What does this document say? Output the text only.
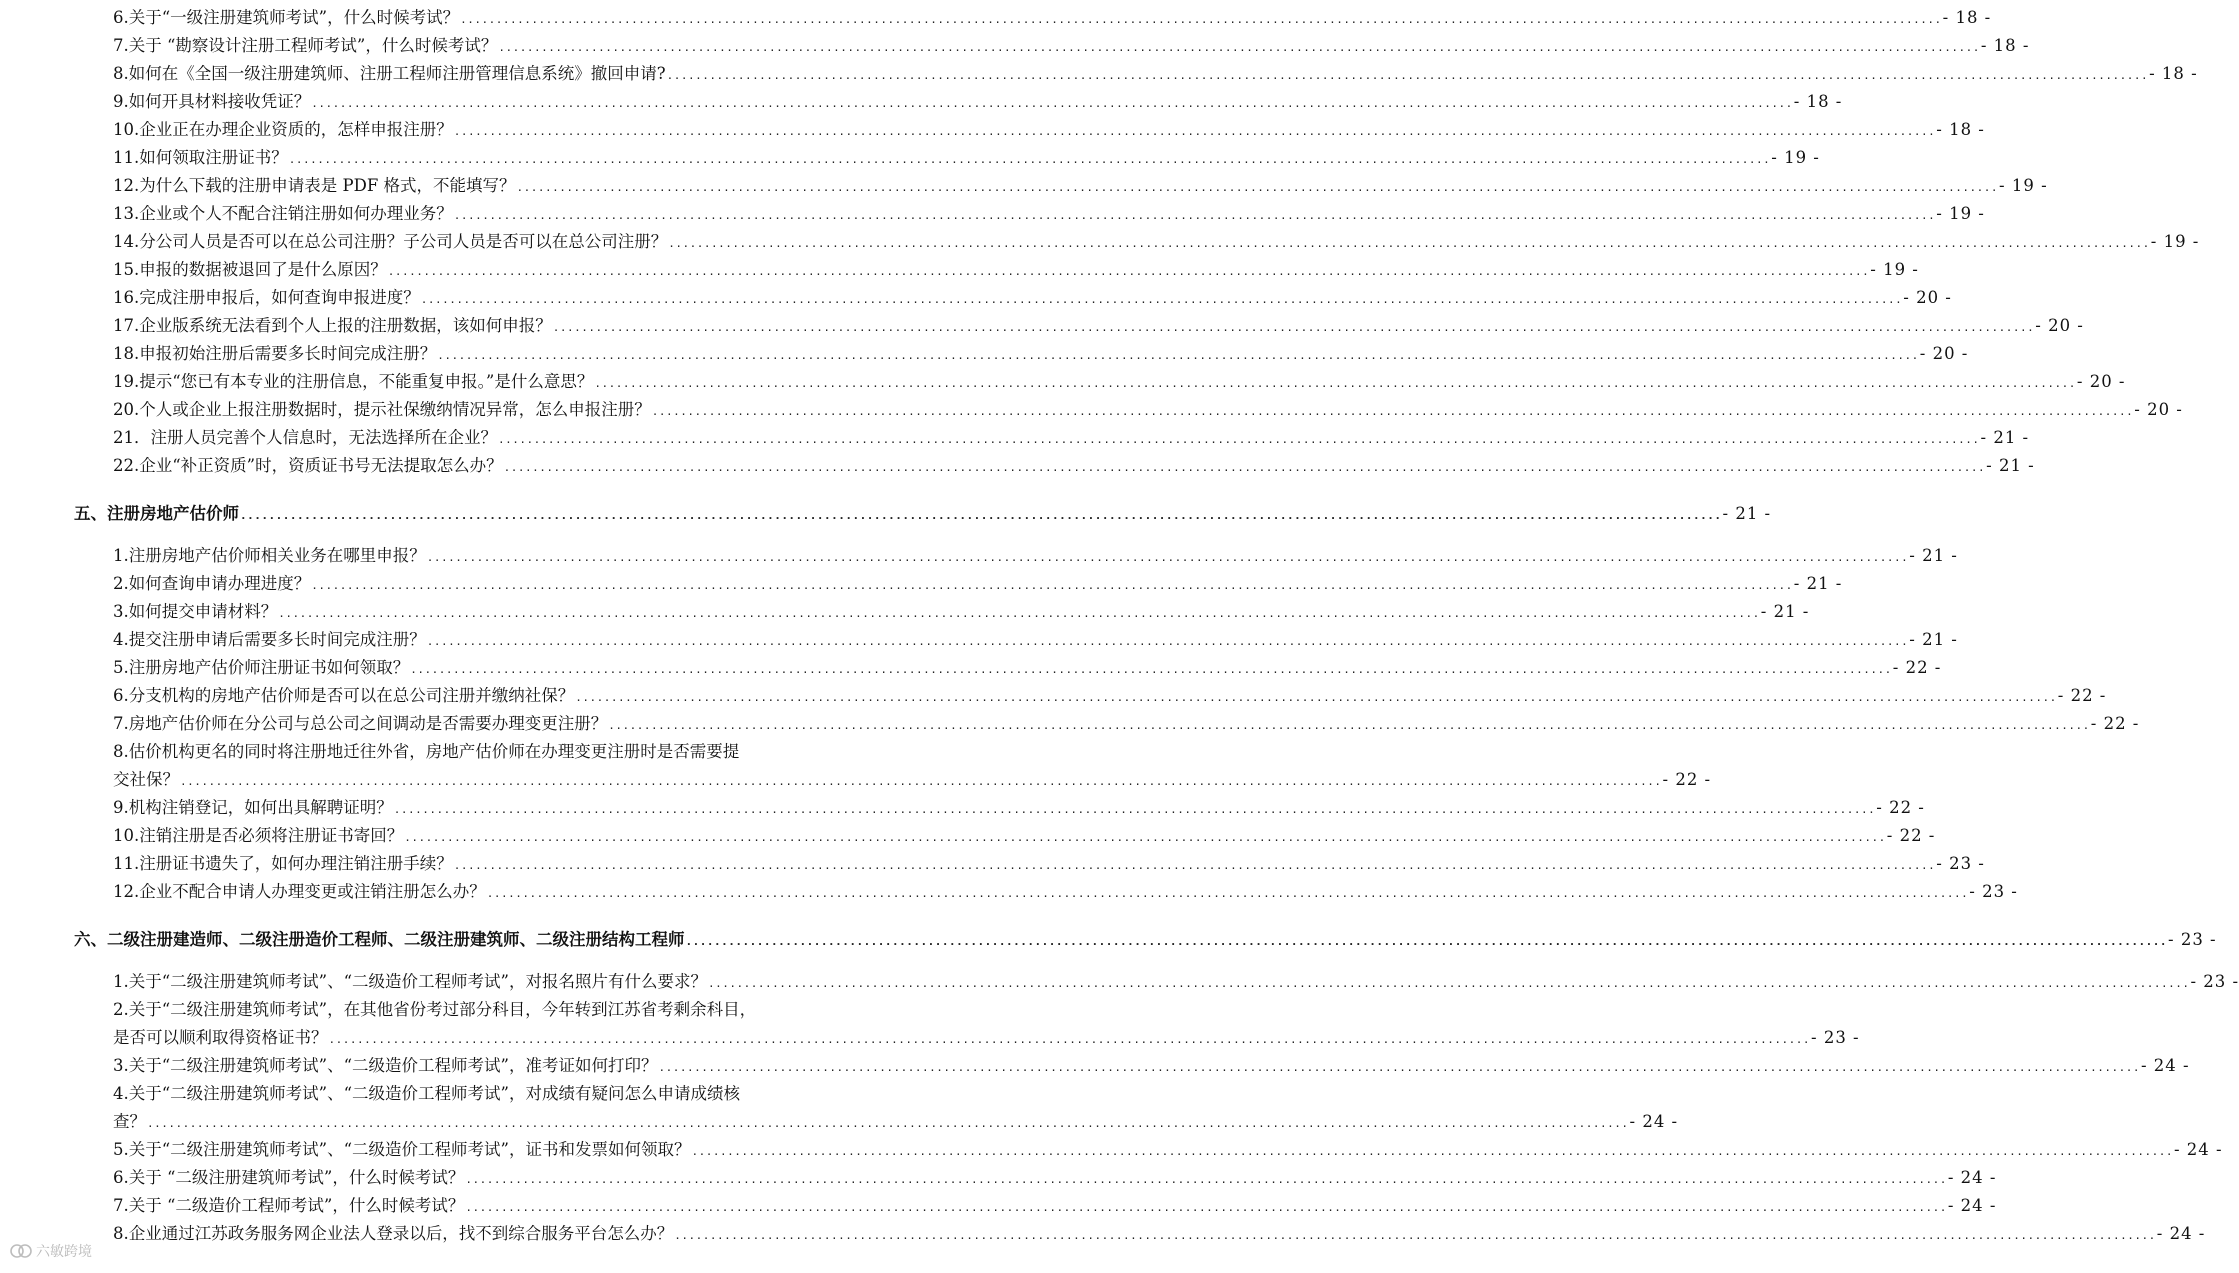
6.关于“一级注册建筑师考试”，什么时候考试？ .....	- 18 -
7.关于 “勘察设计注册工程师考试”，什么时候考试？ .....	- 18 -
8.如何在《全国一级注册建筑师、注册工程师注册管理信息系统》撤回申请? .....	- 18 -
9.如何开具材料接收凭证？ .....	- 18 -
10.企业正在办理企业资质的，怎样申报注册？ .....	- 18 -
11.如何领取注册证书？ .....	- 19 -
12.为什么下载的注册申请表是 PDF 格式，不能填写？ .....	- 19 -
13.企业或个人不配合注销注册如何办理业务？ .....	- 19 -
14.分公司人员是否可以在总公司注册？子公司人员是否可以在总公司注册？ .....	- 19 -
15.申报的数据被退回了是什么原因？ .....	- 19 -
16.完成注册申报后，如何查询申报进度？ .....	- 20 -
17.企业版系统无法看到个人上报的注册数据，该如何申报？ .....	- 20 -
18.申报初始注册后需要多长时间完成注册？ .....	- 20 -
19.提示“您已有本专业的注册信息，不能重复申报。”是什么意思？ .....	- 20 -
20.个人或企业上报注册数据时，提示社保缴纳情况异常，怎么申报注册？ .....	- 20 -
21．注册人员完善个人信息时，无法选择所在企业？ .....	- 21 -
22.企业“补正资质”时，资质证书号无法提取怎么办？ .....	- 21 -
五、注册房地产估价师 .....	- 21 -
1.注册房地产估价师相关业务在哪里申报？ .....	- 21 -
2.如何查询申请办理进度？ .....	- 21 -
3.如何提交申请材料？ .....	- 21 -
4.提交注册申请后需要多长时间完成注册？ .....	- 21 -
5.注册房地产估价师注册证书如何领取？ .....	- 22 -
6.分支机构的房地产估价师是否可以在总公司注册并缴纳社保？ .....	- 22 -
7.房地产估价师在分公司与总公司之间调动是否需要办理变更注册？ .....	- 22 -
8.估价机构更名的同时将注册地迁往外省，房地产估价师在办理变更注册时是否需要提
交社保？ .....	- 22 -
9.机构注销登记，如何出具解聘证明？ .....	- 22 -
10.注销注册是否必须将注册证书寄回？ .....	- 22 -
11.注册证书遗失了，如何办理注销注册手续？ .....	- 23 -
12.企业不配合申请人办理变更或注销注册怎么办？ .....	- 23 -
六、二级注册建造师、二级注册造价工程师、二级注册建筑师、二级注册结构工程师 .....	- 23 -
1.关于“二级注册建筑师考试”、“二级造价工程师考试”，对报名照片有什么要求？ .....	- 23 -
2.关于“二级注册建筑师考试”，在其他省份考过部分科目，今年转到江苏省考剩余科目，
是否可以顺利取得资格证书？ .....	- 23 -
3.关于“二级注册建筑师考试”、“二级造价工程师考试”，准考证如何打印？ .....	- 24 -
4.关于“二级注册建筑师考试”、“二级造价工程师考试”，对成绩有疑问怎么申请成绩核
查？ .....	- 24 -
5.关于“二级注册建筑师考试”、“二级造价工程师考试”，证书和发票如何领取？ .....	- 24 -
6.关于 “二级注册建筑师考试”，什么时候考试？ .....	- 24 -
7.关于 “二级造价工程师考试”，什么时候考试？ .....	- 24 -
8.企业通过江苏政务服务网企业法人登录以后，找不到综合服务平台怎么办？ .....	- 24 -
六敏跨境
